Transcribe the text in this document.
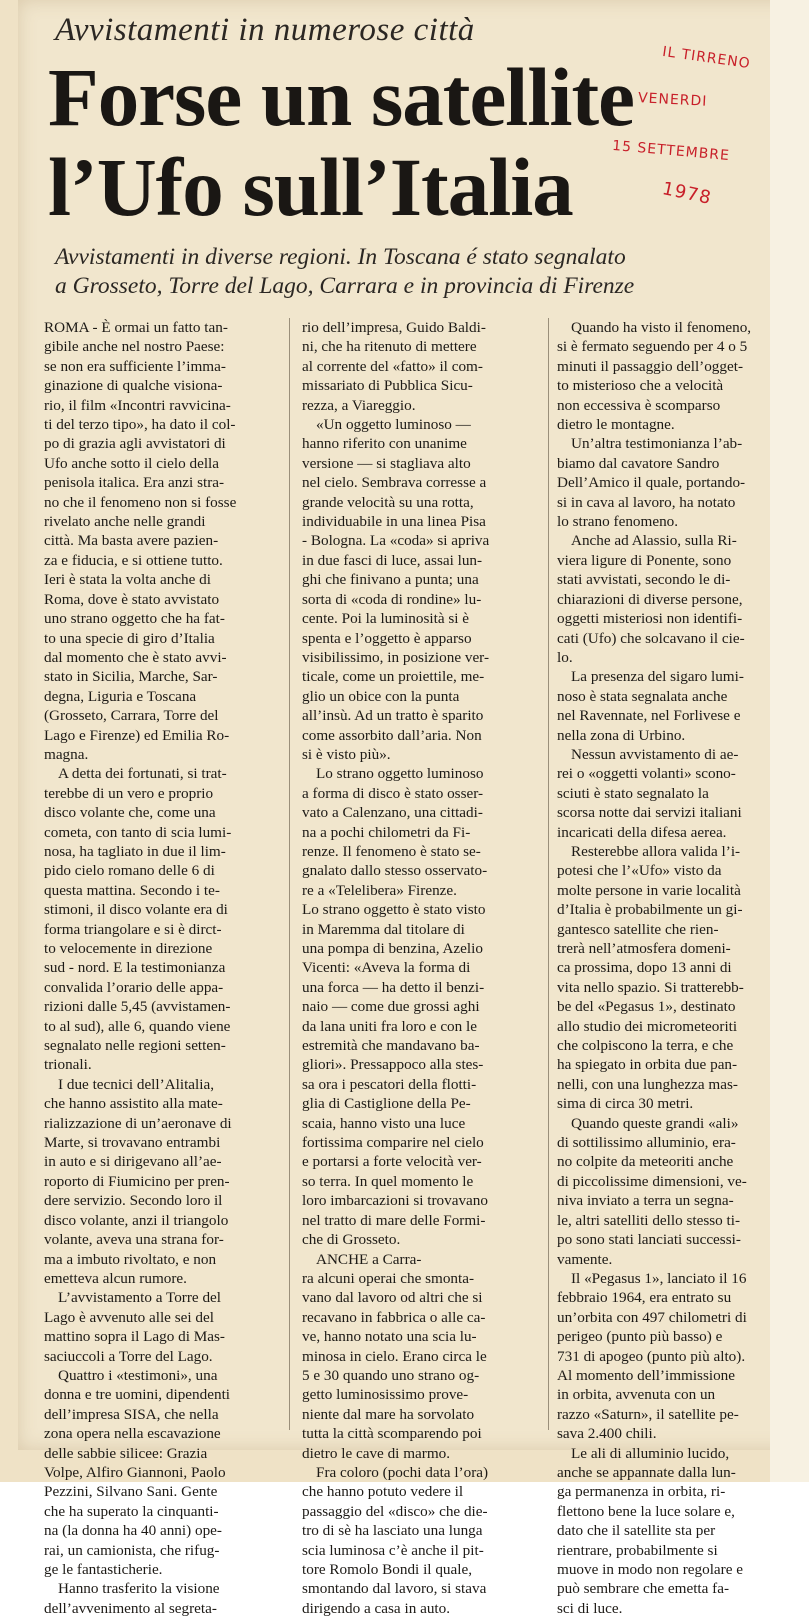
Avvistamenti in numerose città
Forse un satellite
l’Ufo sull’Italia
IL TIRRENO
VENERDI
15 SETTEMBRE
1978
Avvistamenti in diverse regioni. In Toscana é stato segnalato
a Grosseto, Torre del Lago, Carrara e in provincia di Firenze
ROMA - È ormai un fatto tan-
gibile anche nel nostro Paese:
se non era sufficiente l’imma-
ginazione di qualche visiona-
rio, il film «Incontri ravvicina-
ti del terzo tipo», ha dato il col-
po di grazia agli avvistatori di
Ufo anche sotto il cielo della
penisola italica. Era anzi stra-
no che il fenomeno non si fosse
rivelato anche nelle grandi
città. Ma basta avere pazien-
za e fiducia, e si ottiene tutto.
Ieri è stata la volta anche di
Roma, dove è stato avvistato
uno strano oggetto che ha fat-
to una specie di giro d’Italia
dal momento che è stato avvi-
stato in Sicilia, Marche, Sar-
degna, Liguria e Toscana
(Grosseto, Carrara, Torre del
Lago e Firenze) ed Emilia Ro-
magna.
A detta dei fortunati, si trat-
terebbe di un vero e proprio
disco volante che, come una
cometa, con tanto di scia lumi-
nosa, ha tagliato in due il lim-
pido cielo romano delle 6 di
questa mattina. Secondo i te-
stimoni, il disco volante era di
forma triangolare e si è dirct-
to velocemente in direzione
sud - nord. E la testimonianza
convalida l’orario delle appa-
rizioni dalle 5,45 (avvistamen-
to al sud), alle 6, quando viene
segnalato nelle regioni setten-
trionali.
I due tecnici dell’Alitalia,
che hanno assistito alla mate-
rializzazione di un’aeronave di
Marte, si trovavano entrambi
in auto e si dirigevano all’ae-
roporto di Fiumicino per pren-
dere servizio. Secondo loro il
disco volante, anzi il triangolo
volante, aveva una strana for-
ma a imbuto rivoltato, e non
emetteva alcun rumore.
L’avvistamento a Torre del
Lago è avvenuto alle sei del
mattino sopra il Lago di Mas-
saciuccoli a Torre del Lago.
Quattro i «testimoni», una
donna e tre uomini, dipendenti
dell’impresa SISA, che nella
zona opera nella escavazione
delle sabbie silicee: Grazia
Volpe, Alfiro Giannoni, Paolo
Pezzini, Silvano Sani. Gente
che ha superato la cinquanti-
na (la donna ha 40 anni) ope-
rai, un camionista, che rifug-
ge le fantasticherie.
Hanno trasferito la visione
dell’avvenimento al segreta-
rio dell’impresa, Guido Baldi-
ni, che ha ritenuto di mettere
al corrente del «fatto» il com-
missariato di Pubblica Sicu-
rezza, a Viareggio.
«Un oggetto luminoso —
hanno riferito con unanime
versione — si stagliava alto
nel cielo. Sembrava corresse a
grande velocità su una rotta,
individuabile in una linea Pisa
- Bologna. La «coda» si apriva
in due fasci di luce, assai lun-
ghi che finivano a punta; una
sorta di «coda di rondine» lu-
cente. Poi la luminosità si è
spenta e l’oggetto è apparso
visibilissimo, in posizione ver-
ticale, come un proiettile, me-
glio un obice con la punta
all’insù. Ad un tratto è sparito
come assorbito dall’aria. Non
si è visto più».
Lo strano oggetto luminoso
a forma di disco è stato osser-
vato a Calenzano, una cittadi-
na a pochi chilometri da Fi-
renze. Il fenomeno è stato se-
gnalato dallo stesso osservato-
re a «Telelibera» Firenze.
Lo strano oggetto è stato visto
in Maremma dal titolare di
una pompa di benzina, Azelio
Vicenti: «Aveva la forma di
una forca — ha detto il benzi-
naio — come due grossi aghi
da lana uniti fra loro e con le
estremità che mandavano ba-
gliori». Pressappoco alla stes-
sa ora i pescatori della flotti-
glia di Castiglione della Pe-
scaia, hanno visto una luce
fortissima comparire nel cielo
e portarsi a forte velocità ver-
so terra. In quel momento le
loro imbarcazioni si trovavano
nel tratto di mare delle Formi-
che di Grosseto.
ANCHE a Carra-
ra alcuni operai che smonta-
vano dal lavoro od altri che si
recavano in fabbrica o alle ca-
ve, hanno notato una scia lu-
minosa in cielo. Erano circa le
5 e 30 quando uno strano og-
getto luminosissimo prove-
niente dal mare ha sorvolato
tutta la città scomparendo poi
dietro le cave di marmo.
Fra coloro (pochi data l’ora)
che hanno potuto vedere il
passaggio del «disco» che die-
tro di sè ha lasciato una lunga
scia luminosa c’è anche il pit-
tore Romolo Bondi il quale,
smontando dal lavoro, si stava
dirigendo a casa in auto.
Quando ha visto il fenomeno,
si è fermato seguendo per 4 o 5
minuti il passaggio dell’ogget-
to misterioso che a velocità
non eccessiva è scomparso
dietro le montagne.
Un’altra testimonianza l’ab-
biamo dal cavatore Sandro
Dell’Amico il quale, portando-
si in cava al lavoro, ha notato
lo strano fenomeno.
Anche ad Alassio, sulla Ri-
viera ligure di Ponente, sono
stati avvistati, secondo le di-
chiarazioni di diverse persone,
oggetti misteriosi non identifi-
cati (Ufo) che solcavano il cie-
lo.
La presenza del sigaro lumi-
noso è stata segnalata anche
nel Ravennate, nel Forlivese e
nella zona di Urbino.
Nessun avvistamento di ae-
rei o «oggetti volanti» scono-
sciuti è stato segnalato la
scorsa notte dai servizi italiani
incaricati della difesa aerea.
Resterebbe allora valida l’i-
potesi che l’«Ufo» visto da
molte persone in varie località
d’Italia è probabilmente un gi-
gantesco satellite che rien-
trerà nell’atmosfera domeni-
ca prossima, dopo 13 anni di
vita nello spazio. Si tratterebb-
be del «Pegasus 1», destinato
allo studio dei micrometeoriti
che colpiscono la terra, e che
ha spiegato in orbita due pan-
nelli, con una lunghezza mas-
sima di circa 30 metri.
Quando queste grandi «ali»
di sottilissimo alluminio, era-
no colpite da meteoriti anche
di piccolissime dimensioni, ve-
niva inviato a terra un segna-
le, altri satelliti dello stesso ti-
po sono stati lanciati successi-
vamente.
Il «Pegasus 1», lanciato il 16
febbraio 1964, era entrato su
un’orbita con 497 chilometri di
perigeo (punto più basso) e
731 di apogeo (punto più alto).
Al momento dell’immissione
in orbita, avvenuta con un
razzo «Saturn», il satellite pe-
sava 2.400 chili.
Le ali di alluminio lucido,
anche se appannate dalla lun-
ga permanenza in orbita, ri-
flettono bene la luce solare e,
dato che il satellite sta per
rientrare, probabilmente si
muove in modo non regolare e
può sembrare che emetta fa-
sci di luce.
